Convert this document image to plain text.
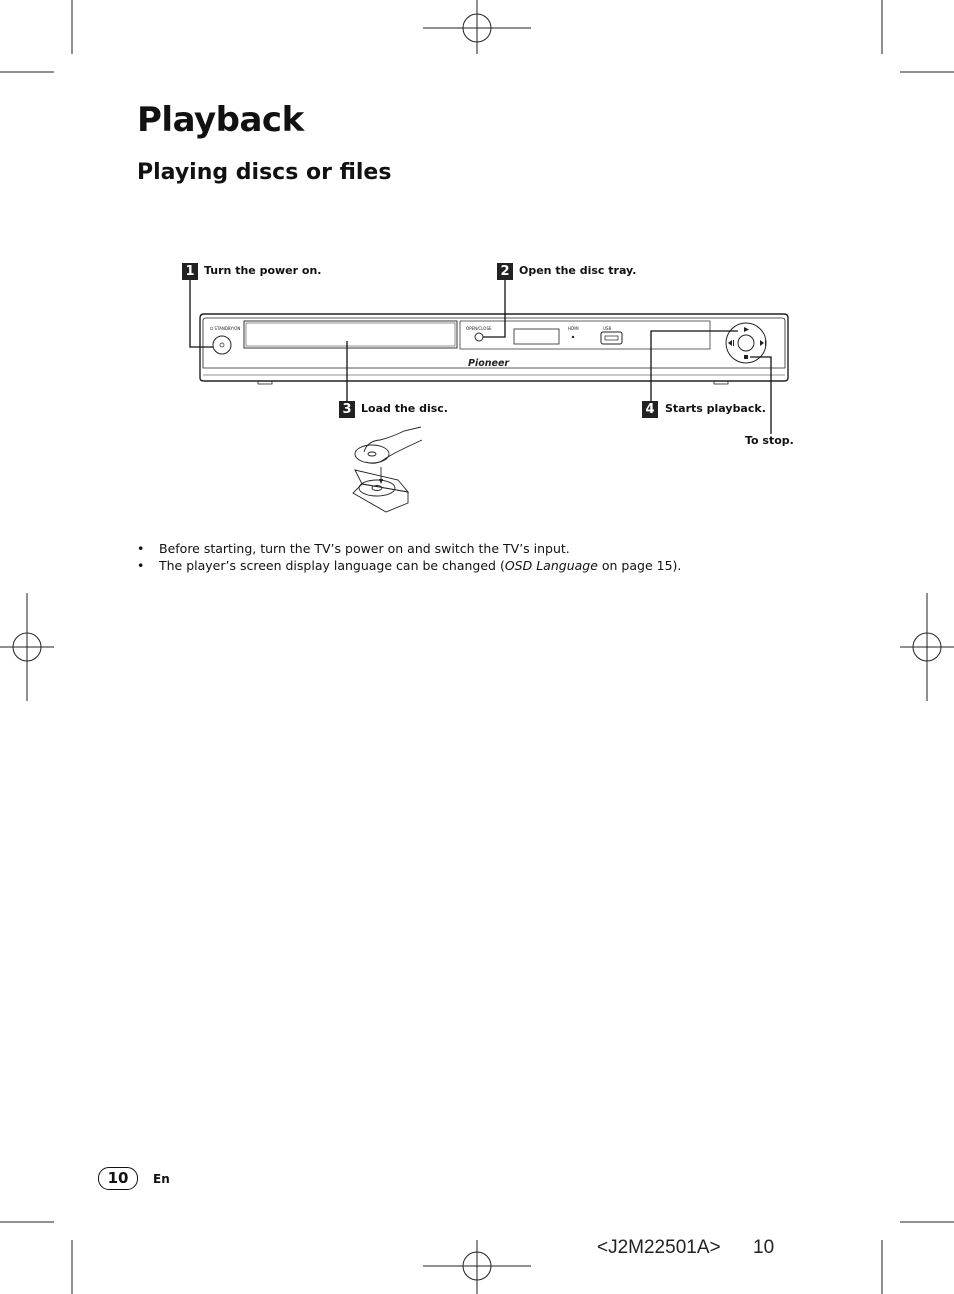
Playback
Playing discs or files
⏻ STANDBY/ON	OPEN/CLOSE	HDMI	USB
Pioneer
1 Turn the power on.	2 Open the disc tray.
3 Load the disc.	4 Starts playback.
To stop.
• Before starting, turn the TV’s power on and switch the TV’s input.
• The player’s screen display language can be changed (OSD Language on page 15).
10	En
<J2M22501A> 10
